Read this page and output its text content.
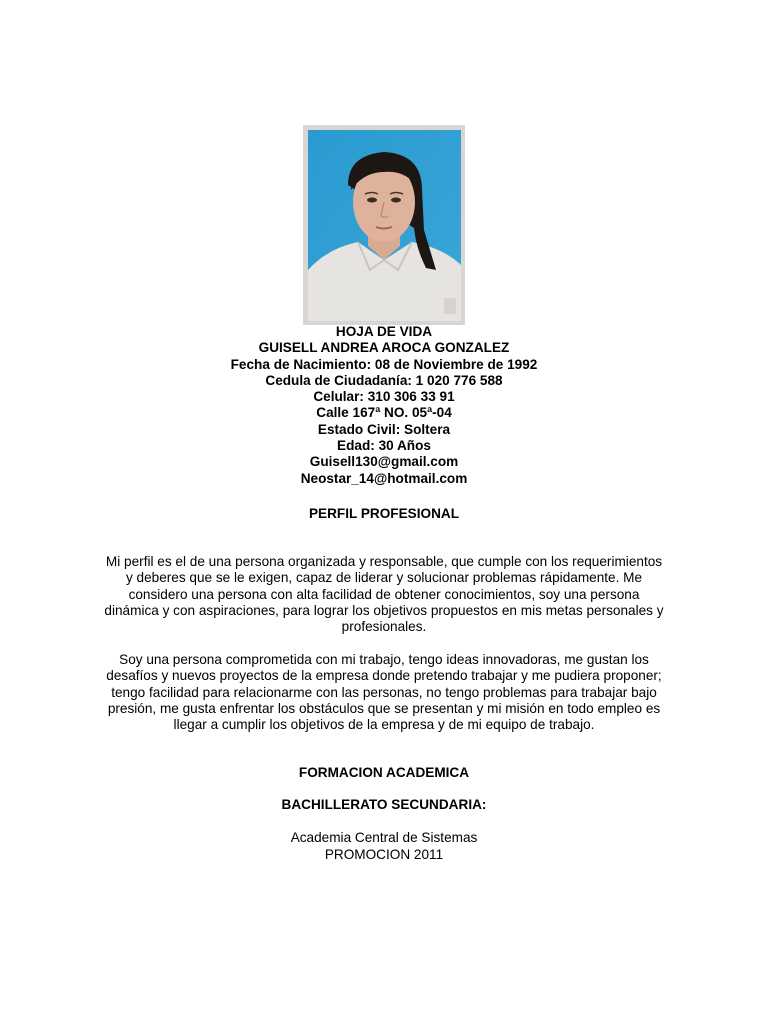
HOJA DE VIDA
GUISELL ANDREA AROCA GONZALEZ
Fecha de Nacimiento: 08 de Noviembre de 1992
Cedula de Ciudadanía: 1 020 776 588
Celular: 310 306 33 91
Calle 167ª NO. 05ª-04
Estado Civil: Soltera
Edad: 30 Años
Guisell130@gmail.com
Neostar_14@hotmail.com
PERFIL PROFESIONAL
Mi perfil es el de una persona organizada y responsable, que cumple con los requerimientos y deberes que se le exigen, capaz de liderar y solucionar problemas rápidamente. Me considero una persona con alta facilidad de obtener conocimientos, soy una persona dinámica y con aspiraciones, para lograr los objetivos propuestos en mis metas personales y profesionales.
Soy una persona comprometida con mi trabajo, tengo ideas innovadoras, me gustan los desafíos y nuevos proyectos de la empresa donde pretendo trabajar y me pudiera proponer; tengo facilidad para relacionarme con las personas, no tengo problemas para trabajar bajo presión, me gusta enfrentar los obstáculos que se presentan y mi misión en todo empleo es llegar a cumplir los objetivos de la empresa y de mi equipo de trabajo.
FORMACION ACADEMICA
BACHILLERATO SECUNDARIA:
Academia Central de Sistemas
PROMOCION 2011
